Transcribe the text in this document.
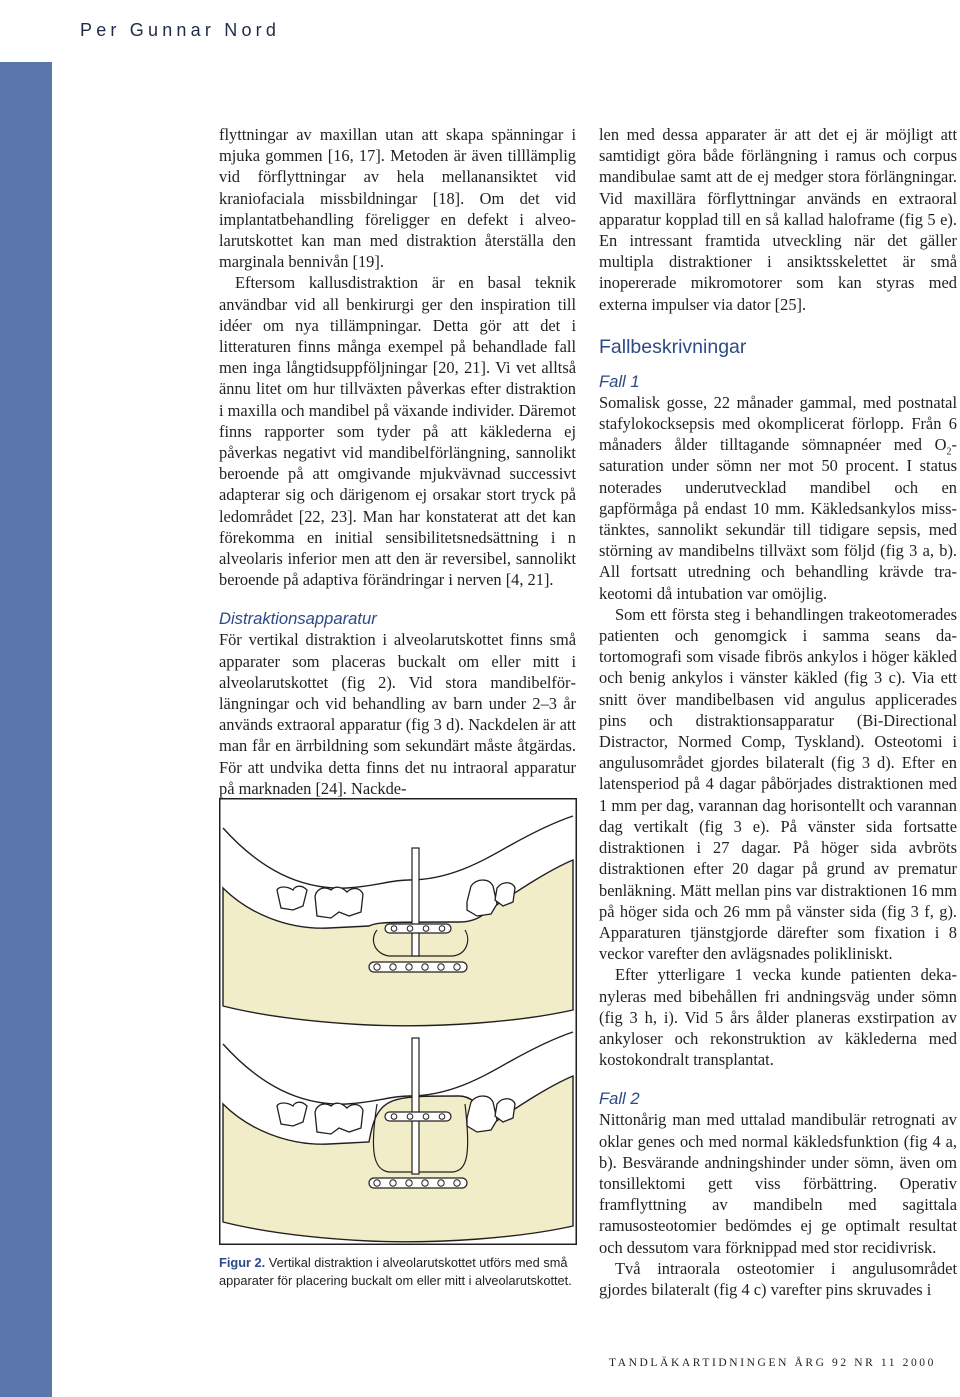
Per Gunnar Nord

flyttningar av maxillan utan att skapa spänningar i mjuka gommen [16, 17]. Metoden är även tilllämplig vid förflyttningar av hela mellanansiktet vid kraniofaciala missbildningar [18]. Om det vid implantatbehandling föreligger en defekt i alveolarutskottet kan man med distraktion återställa den marginala bennivån [19].

Eftersom kallusdistraktion är en basal teknik användbar vid all benkirurgi ger den inspiration till idéer om nya tillämpningar. Detta gör att det i litteraturen finns många exempel på behandlade fall men inga långtidsuppföljningar [20, 21]. Vi vet alltså ännu litet om hur tillväxten påverkas efter distraktion i maxilla och mandibel på växande individer. Däremot finns rapporter som tyder på att käklederna ej påverkas negativt vid mandibelförlängning, sannolikt beroende på att omgivande mjukvävnad successivt adapterar sig och därigenom ej orsakar stort tryck på ledområdet [22, 23]. Man har konstaterat att det kan förekomma en initial sensibilitetsnedsättning i n alveolaris inferior men att den är reversibel, sannolikt beroende på adaptiva förändringar i nerven [4, 21].

Distraktionsapparatur

För vertikal distraktion i alveolarutskottet finns små apparater som placeras buckalt om eller mitt i alveolarutskottet (fig 2). Vid stora mandibelförlängningar och vid behandling av barn under 2–3 år används extraoral apparatur (fig 3 d). Nackdelen är att man får en ärrbildning som sekundärt måste åtgärdas. För att undvika detta finns det nu intraoral apparatur på marknaden [24]. Nackde-

Figur 2. Vertikal distraktion i alveolarutskottet utförs med små apparater för placering buckalt om eller mitt i alveolarutskottet.

len med dessa apparater är att det ej är möjligt att samtidigt göra både förlängning i ramus och corpus mandibulae samt att de ej medger stora förlängningar. Vid maxillära förflyttningar används en extraoral apparatur kopplad till en så kallad haloframe (fig 5 e). En intressant framtida utveckling när det gäller multipla distraktioner i ansiktsskelettet är små inopererade mikromotorer som kan styras med externa impulser via dator [25].

Fallbeskrivningar

Fall 1

Somalisk gosse, 22 månader gammal, med postnatal stafylokocksepsis med okomplicerat förlopp. Från 6 månaders ålder tilltagande sömnapnéer med $O_2$-saturation under sömn ner mot 50 procent. I status noterades underutvecklad mandibel och en gapförmåga på endast 10 mm. Käkledsankylos misstänktes, sannolikt sekundär till tidigare sepsis, med störning av mandibelns tillväxt som följd (fig 3 a, b). All fortsatt utredning och behandling krävde trakeotomi då intubation var omöjlig.

Som ett första steg i behandlingen trakeotomerades patienten och genomgick i samma seans datortomografi som visade fibrös ankylos i höger käkled och benig ankylos i vänster käkled (fig 3 c). Via ett snitt över mandibelbasen vid angulus applicerades pins och distraktionsapparatur (Bi-Directional Distractor, Normed Comp, Tyskland). Osteotomi i angulusområdet gjordes bilateralt (fig 3 d). Efter en latensperiod på 4 dagar påbörjades distraktionen med 1 mm per dag, varannan dag horisontellt och varannan dag vertikalt (fig 3 e). På vänster sida fortsatte distraktionen i 27 dagar. På höger sida avbröts distraktionen efter 20 dagar på grund av prematur benläkning. Mätt mellan pins var distraktionen 16 mm på höger sida och 26 mm på vänster sida (fig 3 f, g). Apparaturen tjänstgjorde därefter som fixation i 8 veckor varefter den avlägsnades polikliniskt.

Efter ytterligare 1 vecka kunde patienten dekanyleras med bibehållen fri andningsväg under sömn (fig 3 h, i). Vid 5 års ålder planeras exstirpation av ankyloser och rekonstruktion av käklederna med kostokondralt transplantat.

Fall 2

Nittonårig man med uttalad mandibulär retrognati av oklar genes och med normal käkledsfunktion (fig 4 a, b). Besvärande andningshinder under sömn, även om tonsillektomi gett viss förbättring. Operativ framflyttning av mandibeln med sagittala ramusosteotomier bedömdes ej ge optimalt resultat och dessutom vara förknippad med stor recidivrisk.

Två intraorala osteotomier i angulusområdet gjordes bilateralt (fig 4 c) varefter pins skruvades i

TANDLÄKARTIDNINGEN ÅRG 92 NR 11 2000
